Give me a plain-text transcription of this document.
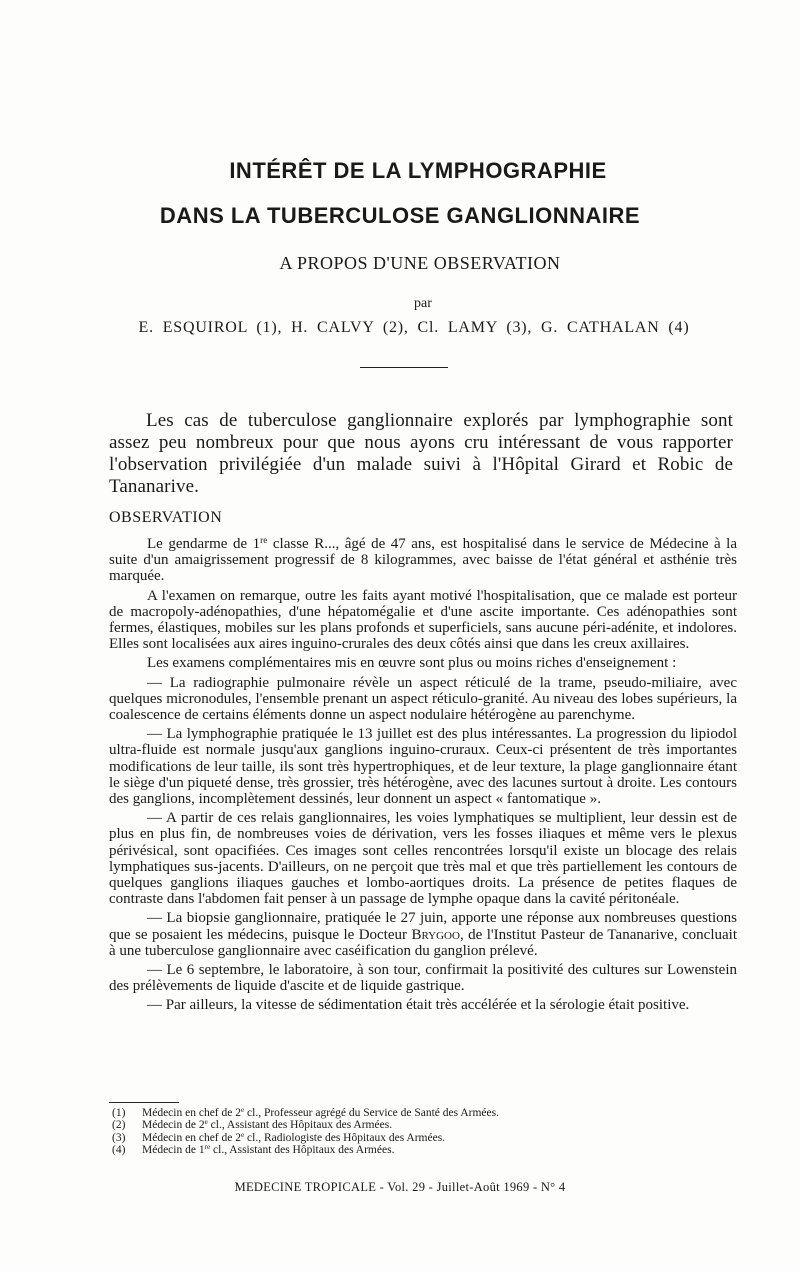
INTÉRÊT DE LA LYMPHOGRAPHIE
DANS LA TUBERCULOSE GANGLIONNAIRE
A PROPOS D'UNE OBSERVATION
par
E. ESQUIROL (1), H. CALVY (2), Cl. LAMY (3), G. CATHALAN (4)
Les cas de tuberculose ganglionnaire explorés par lymphographie sont assez peu nombreux pour que nous ayons cru intéressant de vous rapporter l'observation privilégiée d'un malade suivi à l'Hôpital Girard et Robic de Tananarive.
OBSERVATION

Le gendarme de 1re classe R..., âgé de 47 ans, est hospitalisé dans le service de Médecine à la suite d'un amaigrissement progressif de 8 kilogrammes, avec baisse de l'état général et asthénie très marquée.

A l'examen on remarque, outre les faits ayant motivé l'hospitalisation, que ce malade est porteur de macropoly-adénopathies, d'une hépatomégalie et d'une ascite importante. Ces adénopathies sont fermes, élastiques, mobiles sur les plans profonds et superficiels, sans aucune péri-adénite, et indolores. Elles sont localisées aux aires inguino-crurales des deux côtés ainsi que dans les creux axillaires.

Les examens complémentaires mis en œuvre sont plus ou moins riches d'enseignement :

— La radiographie pulmonaire révèle un aspect réticulé de la trame, pseudo-miliaire, avec quelques micronodules, l'ensemble prenant un aspect réticulo-granité. Au niveau des lobes supérieurs, la coalescence de certains éléments donne un aspect nodulaire hétérogène au parenchyme.

— La lymphographie pratiquée le 13 juillet est des plus intéressantes. La progression du lipiodol ultra-fluide est normale jusqu'aux ganglions inguino-cruraux. Ceux-ci présentent de très importantes modifications de leur taille, ils sont très hypertrophiques, et de leur texture, la plage ganglionnaire étant le siège d'un piqueté dense, très grossier, très hétérogène, avec des lacunes surtout à droite. Les contours des ganglions, incomplètement dessinés, leur donnent un aspect « fantomatique ».

— A partir de ces relais ganglionnaires, les voies lymphatiques se multiplient, leur dessin est de plus en plus fin, de nombreuses voies de dérivation, vers les fosses iliaques et même vers le plexus périvésical, sont opacifiées. Ces images sont celles rencontrées lorsqu'il existe un blocage des relais lymphatiques sus-jacents. D'ailleurs, on ne perçoit que très mal et que très partiellement les contours de quelques ganglions iliaques gauches et lombo-aortiques droits. La présence de petites flaques de contraste dans l'abdomen fait penser à un passage de lymphe opaque dans la cavité péritonéale.

— La biopsie ganglionnaire, pratiquée le 27 juin, apporte une réponse aux nombreuses questions que se posaient les médecins, puisque le Docteur Brygoo, de l'Institut Pasteur de Tananarive, concluait à une tuberculose ganglionnaire avec caséification du ganglion prélevé.

— Le 6 septembre, le laboratoire, à son tour, confirmait la positivité des cultures sur Lowenstein des prélèvements de liquide d'ascite et de liquide gastrique.

— Par ailleurs, la vitesse de sédimentation était très accélérée et la sérologie était positive.

(1)	Médecin en chef de 2e cl., Professeur agrégé du Service de Santé des Armées.
(2)	Médecin de 2e cl., Assistant des Hôpitaux des Armées.
(3)	Médecin en chef de 2e cl., Radiologiste des Hôpitaux des Armées.
(4)	Médecin de 1re cl., Assistant des Hôpitaux des Armées.
MEDECINE TROPICALE - Vol. 29 - Juillet-Août 1969 - N° 4
